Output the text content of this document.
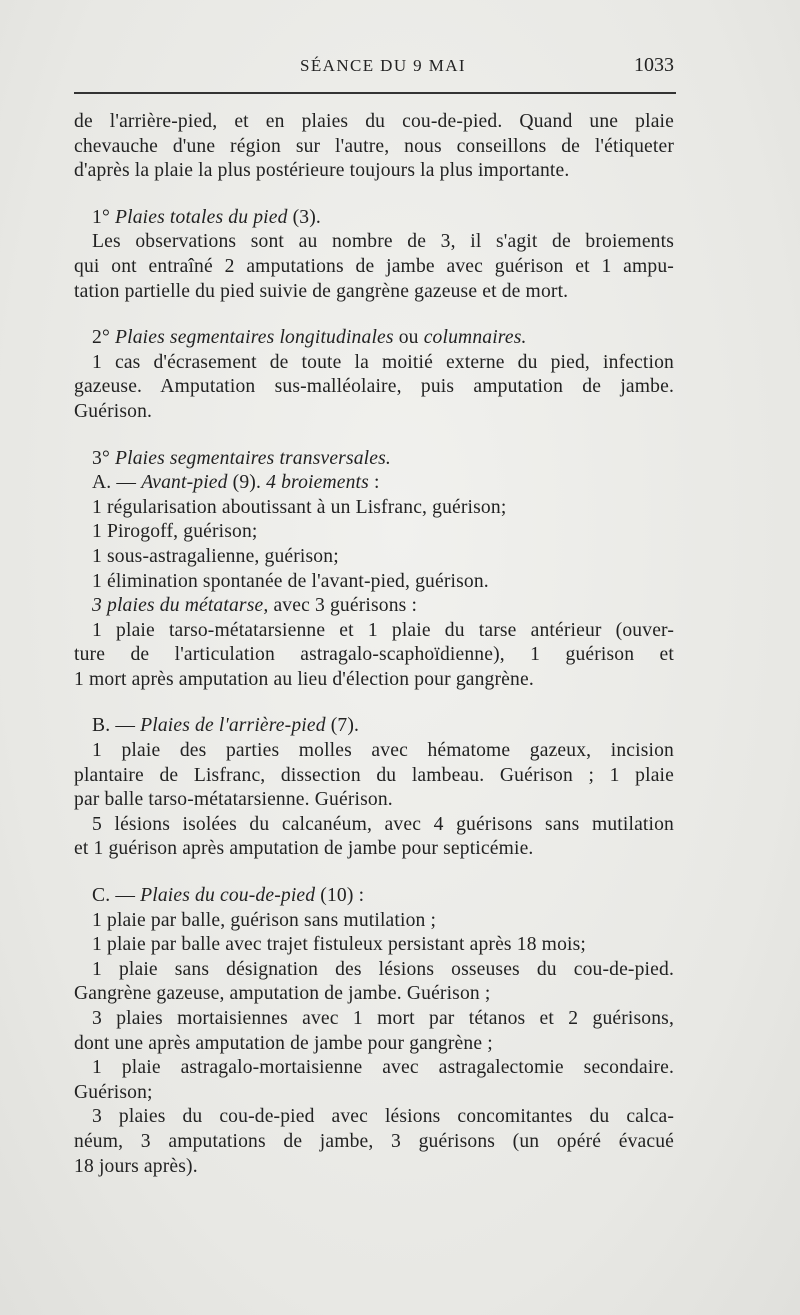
SÉANCE DU 9 MAI	1033

de l'arrière-pied, et en plaies du cou-de-pied. Quand une plaie
chevauche d'une région sur l'autre, nous conseillons de l'étiqueter
d'après la plaie la plus postérieure toujours la plus importante.

1° Plaies totales du pied (3).

Les observations sont au nombre de 3, il s'agit de broiements
qui ont entraîné 2 amputations de jambe avec guérison et 1 ampu-
tation partielle du pied suivie de gangrène gazeuse et de mort.

2° Plaies segmentaires longitudinales ou columnaires.

1 cas d'écrasement de toute la moitié externe du pied, infection
gazeuse. Amputation sus-malléolaire, puis amputation de jambe.
Guérison.

3° Plaies segmentaires transversales.

A. — Avant-pied (9). 4 broiements :

1 régularisation aboutissant à un Lisfranc, guérison;
1 Pirogoff, guérison;
1 sous-astragalienne, guérison;
1 élimination spontanée de l'avant-pied, guérison.

3 plaies du métatarse, avec 3 guérisons :

1 plaie tarso-métatarsienne et 1 plaie du tarse antérieur (ouver-
ture de l'articulation astragalo-scaphoïdienne), 1 guérison et
1 mort après amputation au lieu d'élection pour gangrène.

B. — Plaies de l'arrière-pied (7).

1 plaie des parties molles avec hématome gazeux, incision
plantaire de Lisfranc, dissection du lambeau. Guérison ; 1 plaie
par balle tarso-métatarsienne. Guérison.
5 lésions isolées du calcanéum, avec 4 guérisons sans mutilation
et 1 guérison après amputation de jambe pour septicémie.

C. — Plaies du cou-de-pied (10) :

1 plaie par balle, guérison sans mutilation ;
1 plaie par balle avec trajet fistuleux persistant après 18 mois;
1 plaie sans désignation des lésions osseuses du cou-de-pied.
Gangrène gazeuse, amputation de jambe. Guérison ;
3 plaies mortaisiennes avec 1 mort par tétanos et 2 guérisons,
dont une après amputation de jambe pour gangrène ;
1 plaie astragalo-mortaisienne avec astragalectomie secondaire.
Guérison;
3 plaies du cou-de-pied avec lésions concomitantes du calca-
néum, 3 amputations de jambe, 3 guérisons (un opéré évacué
18 jours après).
